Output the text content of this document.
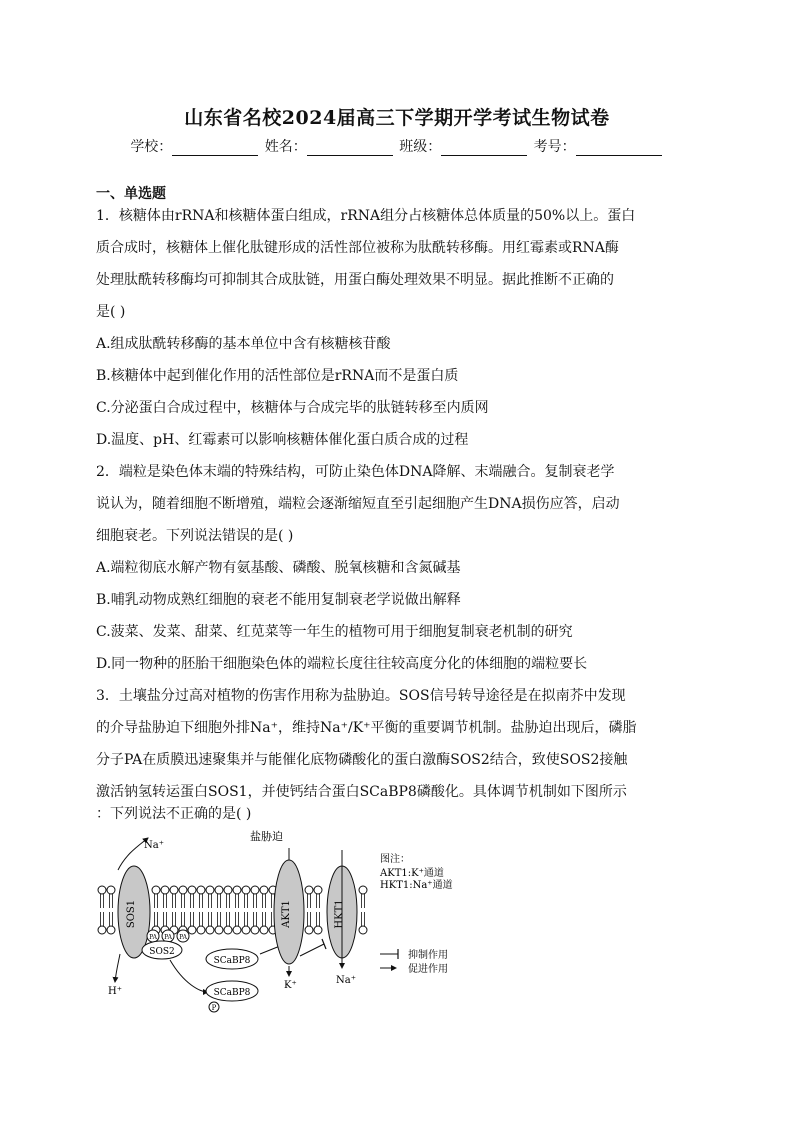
山东省名校2024届高三下学期开学考试生物试卷
学校：	姓名：	班级：	考号：
一、单选题
1．核糖体由rRNA和核糖体蛋白组成，rRNA组分占核糖体总体质量的50%以上。蛋白
质合成时，核糖体上催化肽键形成的活性部位被称为肽酰转移酶。用红霉素或RNA酶
处理肽酰转移酶均可抑制其合成肽链，用蛋白酶处理效果不明显。据此推断不正确的
是( )
A.组成肽酰转移酶的基本单位中含有核糖核苷酸
B.核糖体中起到催化作用的活性部位是rRNA而不是蛋白质
C.分泌蛋白合成过程中，核糖体与合成完毕的肽链转移至内质网
D.温度、pH、红霉素可以影响核糖体催化蛋白质合成的过程
2．端粒是染色体末端的特殊结构，可防止染色体DNA降解、末端融合。复制衰老学
说认为，随着细胞不断增殖，端粒会逐渐缩短直至引起细胞产生DNA损伤应答，启动
细胞衰老。下列说法错误的是( )
A.端粒彻底水解产物有氨基酸、磷酸、脱氧核糖和含氮碱基
B.哺乳动物成熟红细胞的衰老不能用复制衰老学说做出解释
C.菠菜、发菜、甜菜、红苋菜等一年生的植物可用于细胞复制衰老机制的研究
D.同一物种的胚胎干细胞染色体的端粒长度往往较高度分化的体细胞的端粒要长
3．土壤盐分过高对植物的伤害作用称为盐胁迫。SOS信号转导途径是在拟南芥中发现
的介导盐胁迫下细胞外排Na⁺，维持Na⁺/K⁺平衡的重要调节机制。盐胁迫出现后，磷脂
分子PA在质膜迅速聚集并与能催化底物磷酸化的蛋白激酶SOS2结合，致使SOS2接触
激活钠氢转运蛋白SOS1，并使钙结合蛋白SCaBP8磷酸化。具体调节机制如下图所示
：下列说法不正确的是( )
盐胁迫
SOS1
Na⁺
H⁺
PA PA PA
SOS2
SCaBP8
SCaBP8
P
AKT1
K⁺
HKT1
Na⁺
图注：
AKT1:K⁺通道
HKT1:Na⁺通道
抑制作用
促进作用
